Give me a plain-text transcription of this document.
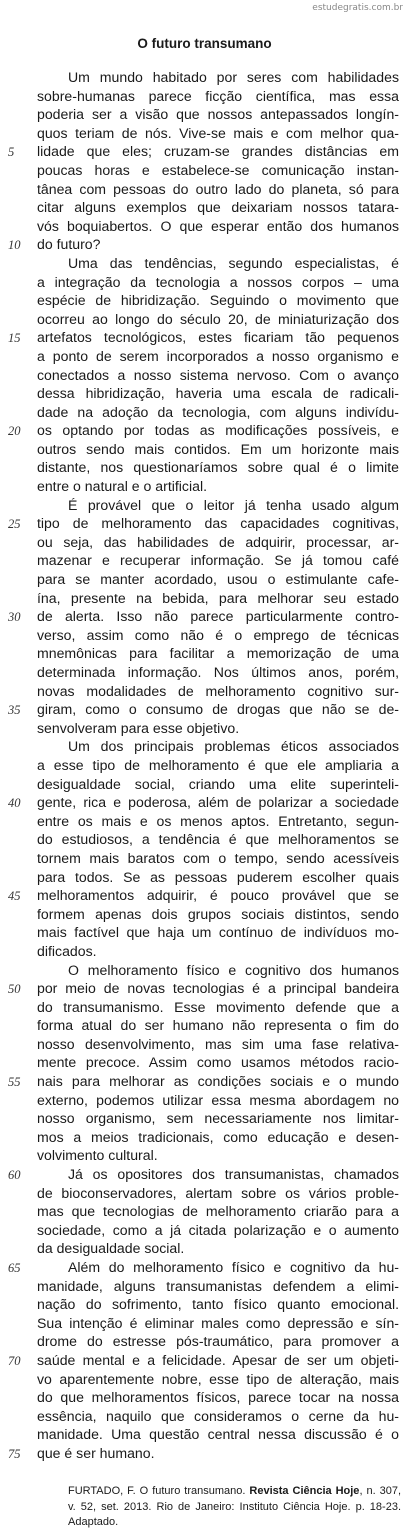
estudegratis.com.br
O futuro transumano
5
10
15
20
25
30
35
40
45
50
55
60
65
70
75
Um mundo habitado por seres com habilidades
sobre-humanas parece ficção científica, mas essa
poderia ser a visão que nossos antepassados longín-
quos teriam de nós. Vive-se mais e com melhor qua-
lidade que eles; cruzam-se grandes distâncias em
poucas horas e estabelece-se comunicação instan-
tânea com pessoas do outro lado do planeta, só para
citar alguns exemplos que deixariam nossos tatara-
vós boquiabertos. O que esperar então dos humanos
do futuro?
Uma das tendências, segundo especialistas, é
a integração da tecnologia a nossos corpos – uma
espécie de hibridização. Seguindo o movimento que
ocorreu ao longo do século 20, de miniaturização dos
artefatos tecnológicos, estes ficariam tão pequenos
a ponto de serem incorporados a nosso organismo e
conectados a nosso sistema nervoso. Com o avanço
dessa hibridização, haveria uma escala de radicali-
dade na adoção da tecnologia, com alguns indivídu-
os optando por todas as modificações possíveis, e
outros sendo mais contidos. Em um horizonte mais
distante, nos questionaríamos sobre qual é o limite
entre o natural e o artificial.
É provável que o leitor já tenha usado algum
tipo de melhoramento das capacidades cognitivas,
ou seja, das habilidades de adquirir, processar, ar-
mazenar e recuperar informação. Se já tomou café
para se manter acordado, usou o estimulante cafe-
ína, presente na bebida, para melhorar seu estado
de alerta. Isso não parece particularmente contro-
verso, assim como não é o emprego de técnicas
mnemônicas para facilitar a memorização de uma
determinada informação. Nos últimos anos, porém,
novas modalidades de melhoramento cognitivo sur-
giram, como o consumo de drogas que não se de-
senvolveram para esse objetivo.
Um dos principais problemas éticos associados
a esse tipo de melhoramento é que ele ampliaria a
desigualdade social, criando uma elite superinteli-
gente, rica e poderosa, além de polarizar a sociedade
entre os mais e os menos aptos. Entretanto, segun-
do estudiosos, a tendência é que melhoramentos se
tornem mais baratos com o tempo, sendo acessíveis
para todos. Se as pessoas puderem escolher quais
melhoramentos adquirir, é pouco provável que se
formem apenas dois grupos sociais distintos, sendo
mais factível que haja um contínuo de indivíduos mo-
dificados.
O melhoramento físico e cognitivo dos humanos
por meio de novas tecnologias é a principal bandeira
do transumanismo. Esse movimento defende que a
forma atual do ser humano não representa o fim do
nosso desenvolvimento, mas sim uma fase relativa-
mente precoce. Assim como usamos métodos racio-
nais para melhorar as condições sociais e o mundo
externo, podemos utilizar essa mesma abordagem no
nosso organismo, sem necessariamente nos limitar-
mos a meios tradicionais, como educação e desen-
volvimento cultural.
Já os opositores dos transumanistas, chamados
de bioconservadores, alertam sobre os vários proble-
mas que tecnologias de melhoramento criarão para a
sociedade, como a já citada polarização e o aumento
da desigualdade social.
Além do melhoramento físico e cognitivo da hu-
manidade, alguns transumanistas defendem a elimi-
nação do sofrimento, tanto físico quanto emocional.
Sua intenção é eliminar males como depressão e sín-
drome do estresse pós-traumático, para promover a
saúde mental e a felicidade. Apesar de ser um objeti-
vo aparentemente nobre, esse tipo de alteração, mais
do que melhoramentos físicos, parece tocar na nossa
essência, naquilo que consideramos o cerne da hu-
manidade. Uma questão central nessa discussão é o
que é ser humano.
FURTADO, F. O futuro transumano. Revista Ciência Hoje, n. 307, v. 52, set. 2013. Rio de Janeiro: Instituto Ciência Hoje. p. 18-23. Adaptado.
